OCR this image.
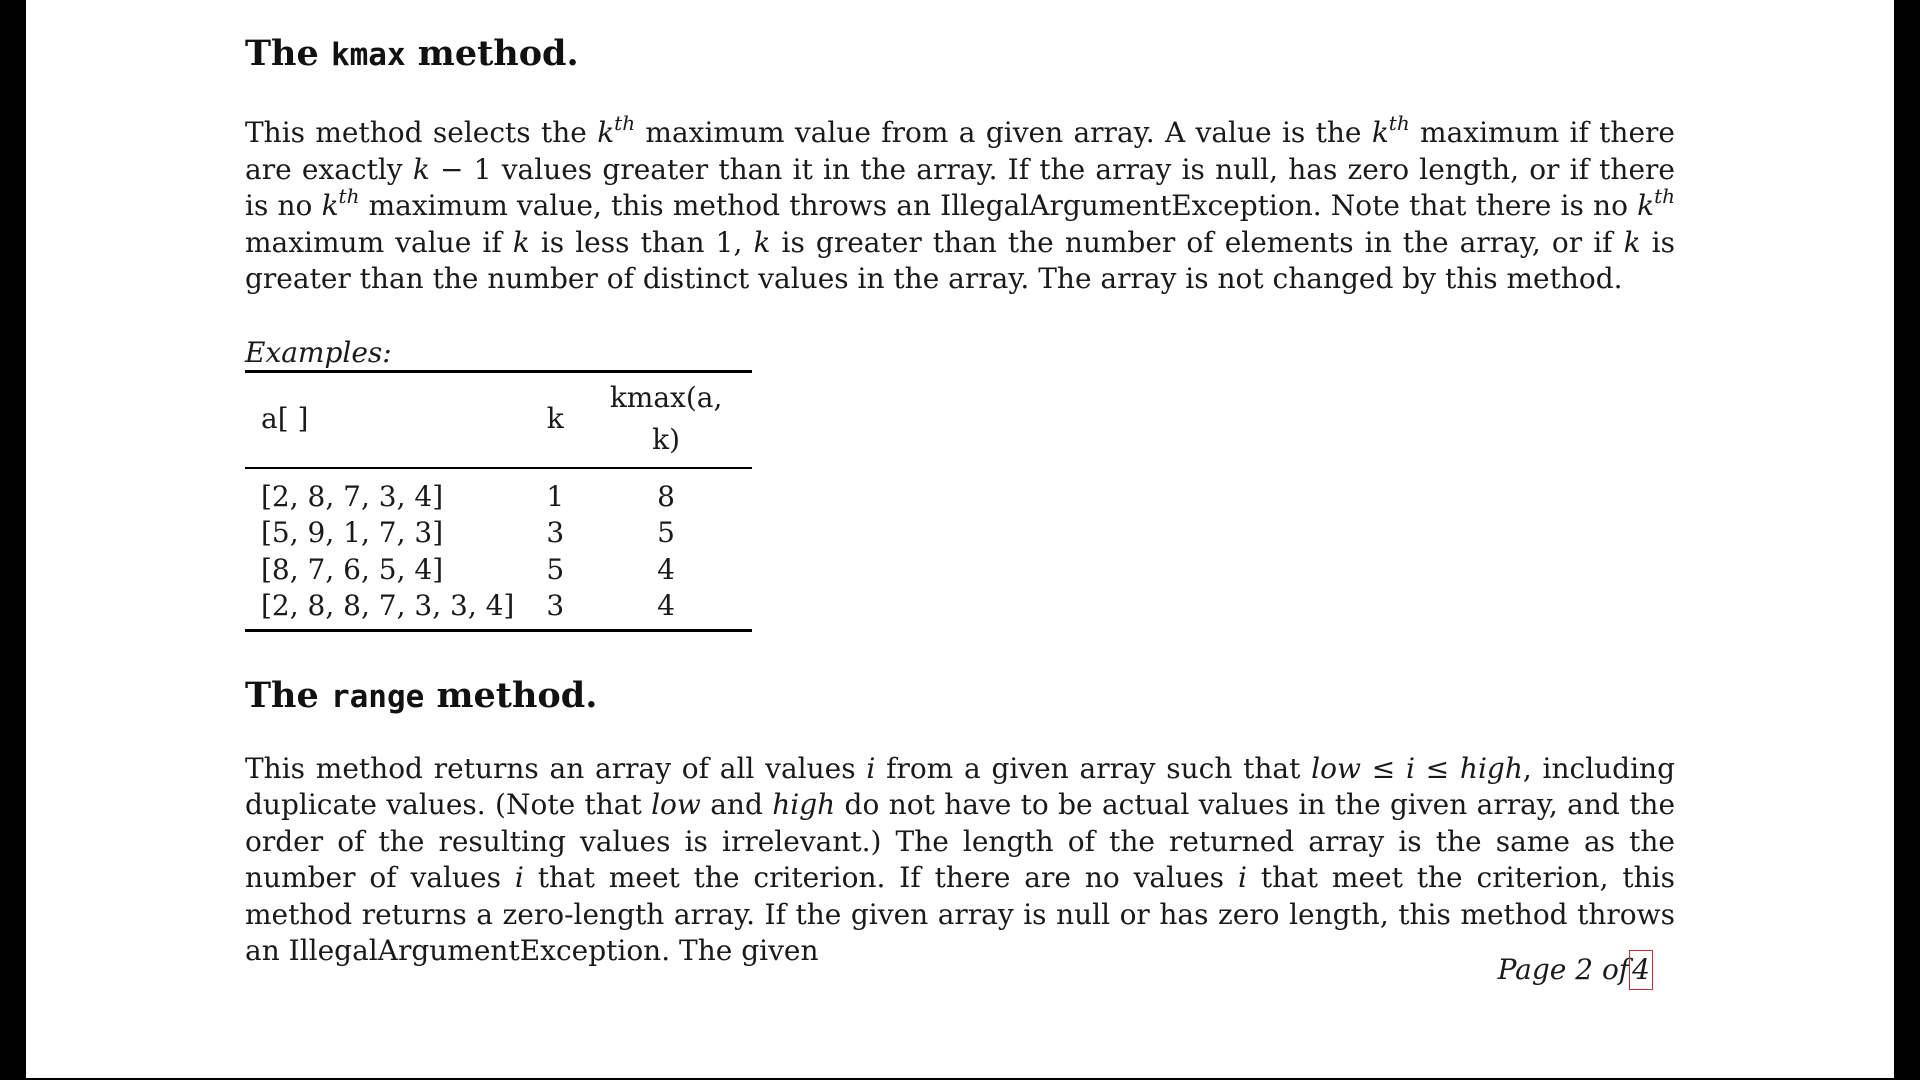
The kmax method.

This method selects the $k^{th}$ maximum value from a given array. A value is the $k^{th}$ maximum if there are exactly k − 1 values greater than it in the array. If the array is null, has zero length, or if there is no $k^{th}$ maximum value, this method throws an IllegalArgumentException. Note that there is no $k^{th}$ maximum value if k is less than 1, k is greater than the number of elements in the array, or if k is greater than the number of distinct values in the array. The array is not changed by this method.

Examples:
a[ ]	k	kmax(a, k)
[2, 8, 7, 3, 4]	1	8
[5, 9, 1, 7, 3]	3	5
[8, 7, 6, 5, 4]	5	4
[2, 8, 8, 7, 3, 3, 4]	3	4
The range method.

This method returns an array of all values i from a given array such that low ≤ i ≤ high, including duplicate values. (Note that low and high do not have to be actual values in the given array, and the order of the resulting values is irrelevant.) The length of the returned array is the same as the number of values i that meet the criterion. If there are no values i that meet the criterion, this method returns a zero-length array. If the given array is null or has zero length, this method throws an IllegalArgumentException. The given

Page 2 of 4
